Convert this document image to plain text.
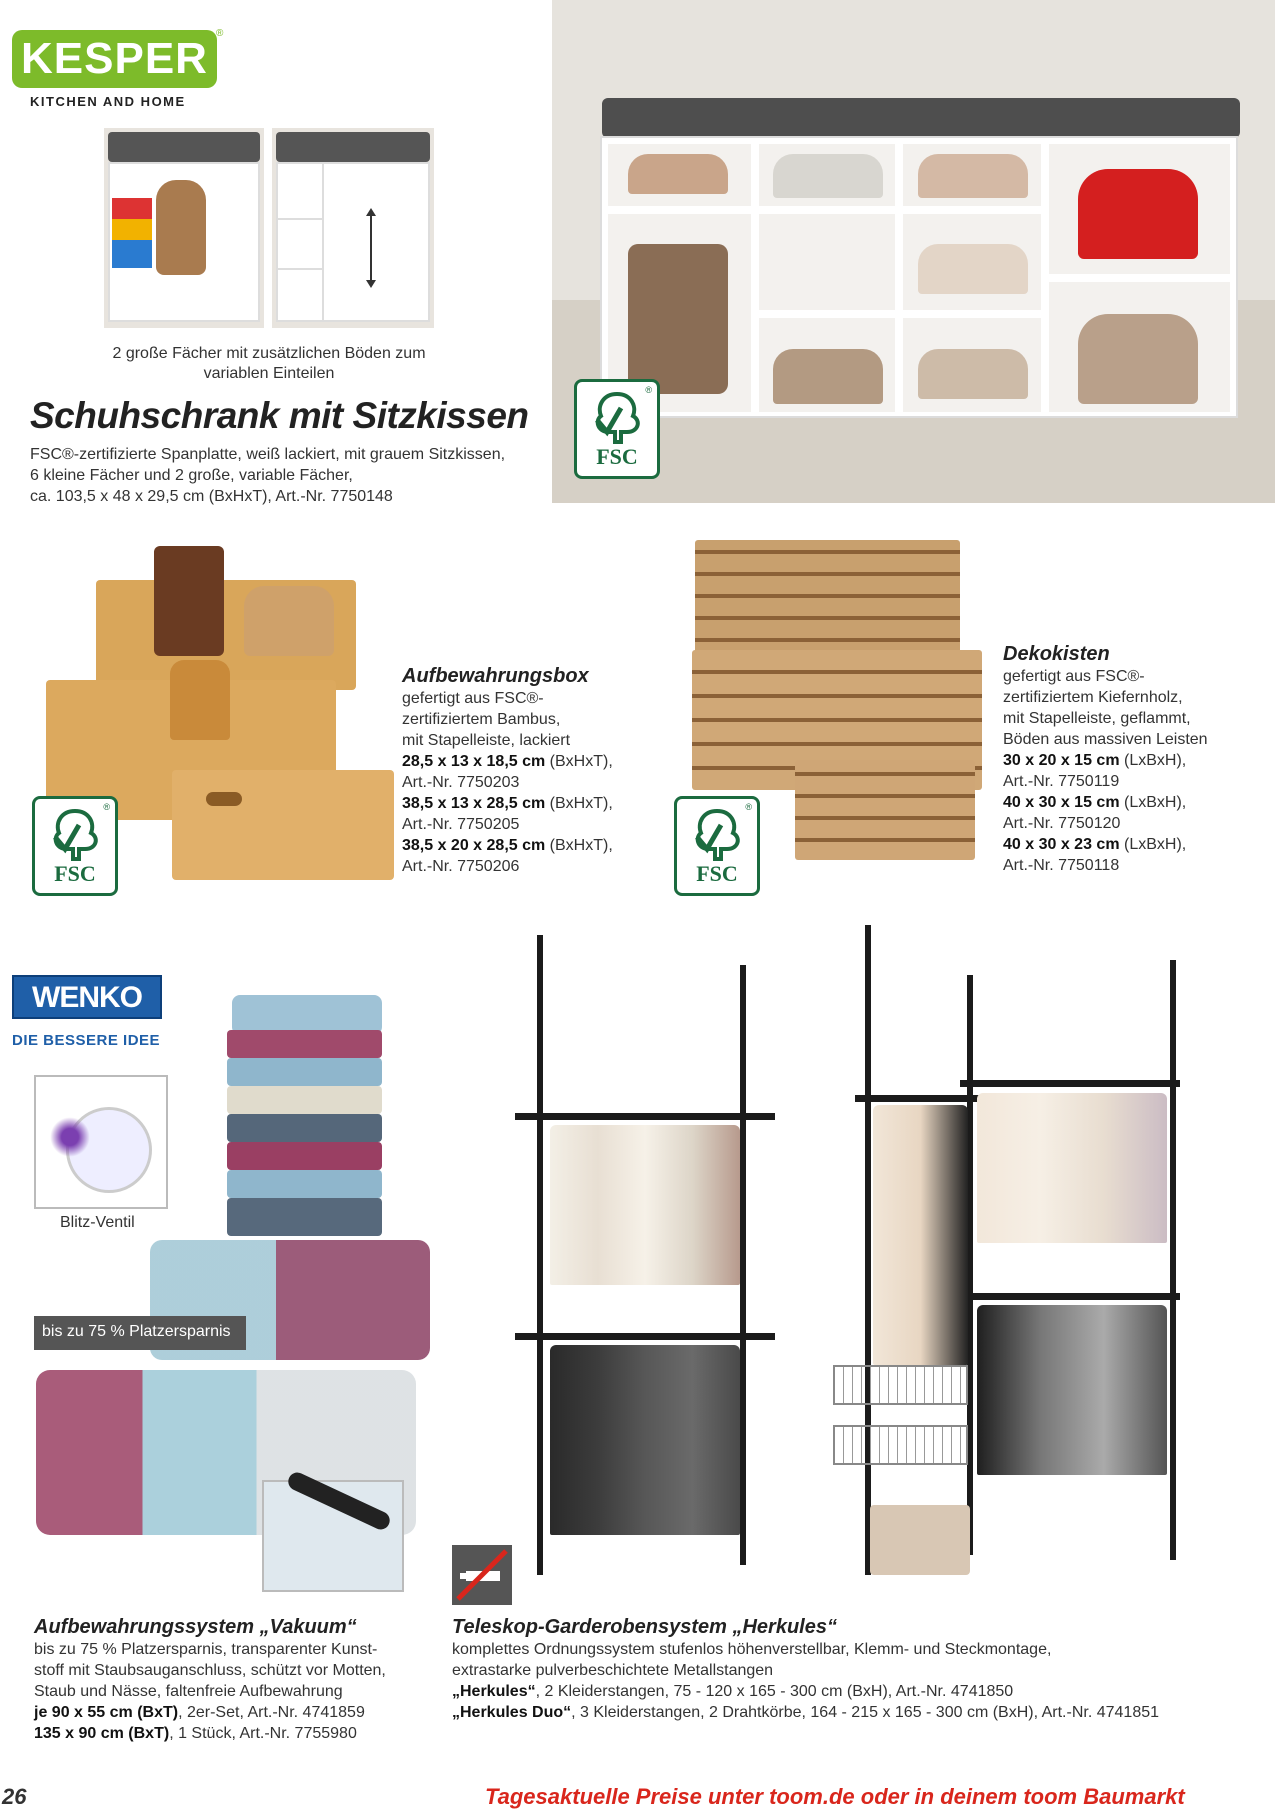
KESPER
®
KITCHEN AND HOME
2 große Fächer mit zusätzlichen Böden zum
variablen Einteilen
®
FSC
Schuhschrank mit Sitzkissen
FSC®-zertifizierte Spanplatte, weiß lackiert, mit grauem Sitzkissen,
6 kleine Fächer und 2 große, variable Fächer,
ca. 103,5 x 48 x 29,5 cm (BxHxT), Art.-Nr. 7750148
®
FSC
Aufbewahrungsbox
gefertigt aus FSC®-
zertifiziertem Bambus,
mit Stapelleiste, lackiert
28,5 x 13 x 18,5 cm (BxHxT),
Art.-Nr. 7750203
38,5 x 13 x 28,5 cm (BxHxT),
Art.-Nr. 7750205
38,5 x 20 x 28,5 cm (BxHxT),
Art.-Nr. 7750206
®
FSC
Dekokisten
gefertigt aus FSC®-
zertifiziertem Kiefernholz,
mit Stapelleiste, geflammt,
Böden aus massiven Leisten
30 x 20 x 15 cm (LxBxH),
Art.-Nr. 7750119
40 x 30 x 15 cm (LxBxH),
Art.-Nr. 7750120
40 x 30 x 23 cm (LxBxH),
Art.-Nr. 7750118
WENKO
DIE BESSERE IDEE
Blitz-Ventil
bis zu 75 % Platzersparnis
Aufbewahrungssystem „Vakuum“
bis zu 75 % Platzersparnis, transparenter Kunst-
stoff mit Staubsauganschluss, schützt vor Motten,
Staub und Nässe, faltenfreie Aufbewahrung
je 90 x 55 cm (BxT), 2er-Set, Art.-Nr. 4741859
135 x 90 cm (BxT), 1 Stück, Art.-Nr. 7755980
Teleskop-Garderobensystem „Herkules“
komplettes Ordnungssystem stufenlos höhenverstellbar, Klemm- und Steckmontage,
extrastarke pulverbeschichtete Metallstangen
„Herkules“, 2 Kleiderstangen, 75 - 120 x 165 - 300 cm (BxH), Art.-Nr. 4741850
„Herkules Duo“, 3 Kleiderstangen, 2 Drahtkörbe, 164 - 215 x 165 - 300 cm (BxH), Art.-Nr. 4741851
26	Tagesaktuelle Preise unter toom.de oder in deinem toom Baumarkt
